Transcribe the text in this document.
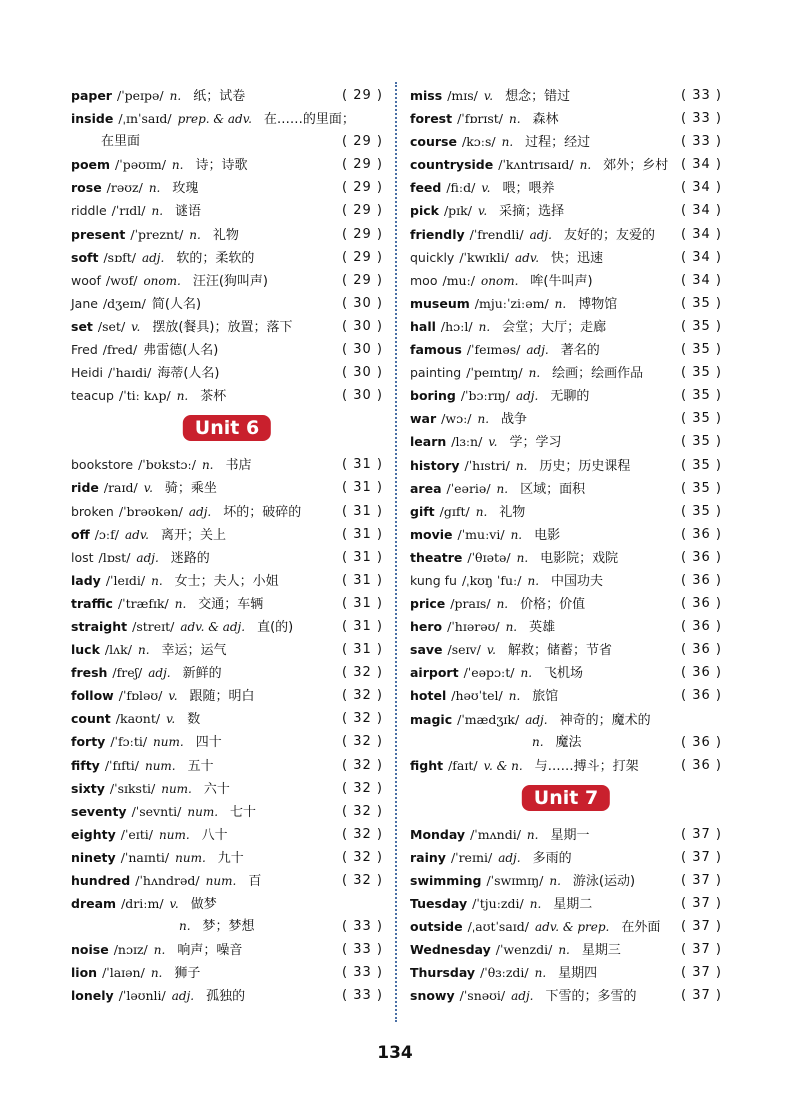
paper /ˈpeɪpə/ n. 纸；试卷	( 29 )
inside /ˌɪnˈsaɪd/ prep. & adv. 在……的里面；
在里面	( 29 )
poem /ˈpəʊɪm/ n. 诗；诗歌	( 29 )
rose /rəʊz/ n. 玫瑰	( 29 )
riddle /ˈrɪdl/ n. 谜语	( 29 )
present /ˈpreznt/ n. 礼物	( 29 )
soft /sɒft/ adj. 软的；柔软的	( 29 )
woof /wʊf/ onom. 汪汪(狗叫声)	( 29 )
Jane /dʒeɪn/ 简(人名)	( 30 )
set /set/ v. 摆放(餐具)；放置；落下	( 30 )
Fred /fred/ 弗雷德(人名)	( 30 )
Heidi /ˈhaɪdi/ 海蒂(人名)	( 30 )
teacup /ˈtiː kʌp/ n. 茶杯	( 30 )
Unit 6
bookstore /ˈbʊkstɔː/ n. 书店	( 31 )
ride /raɪd/ v. 骑；乘坐	( 31 )
broken /ˈbrəʊkən/ adj. 坏的；破碎的	( 31 )
off /ɔːf/ adv. 离开；关上	( 31 )
lost /lɒst/ adj. 迷路的	( 31 )
lady /ˈleɪdi/ n. 女士；夫人；小姐	( 31 )
traffic /ˈtræfɪk/ n. 交通；车辆	( 31 )
straight /streɪt/ adv. & adj. 直(的)	( 31 )
luck /lʌk/ n. 幸运；运气	( 31 )
fresh /freʃ/ adj. 新鲜的	( 32 )
follow /ˈfɒləʊ/ v. 跟随；明白	( 32 )
count /kaʊnt/ v. 数	( 32 )
forty /ˈfɔːti/ num. 四十	( 32 )
fifty /ˈfɪfti/ num. 五十	( 32 )
sixty /ˈsɪksti/ num. 六十	( 32 )
seventy /ˈsevnti/ num. 七十	( 32 )
eighty /ˈeɪti/ num. 八十	( 32 )
ninety /ˈnaɪnti/ num. 九十	( 32 )
hundred /ˈhʌndrəd/ num. 百	( 32 )
dream /driːm/ v. 做梦
n. 梦；梦想	( 33 )
noise /nɔɪz/ n. 响声；噪音	( 33 )
lion /ˈlaɪən/ n. 狮子	( 33 )
lonely /ˈləʊnli/ adj. 孤独的	( 33 )
miss /mɪs/ v. 想念；错过	( 33 )
forest /ˈfɒrɪst/ n. 森林	( 33 )
course /kɔːs/ n. 过程；经过	( 33 )
countryside /ˈkʌntrɪsaɪd/ n. 郊外；乡村 ( 34 )
feed /fiːd/ v. 喂；喂养	( 34 )
pick /pɪk/ v. 采摘；选择	( 34 )
friendly /ˈfrendli/ adj. 友好的；友爱的 ( 34 )
quickly /ˈkwɪkli/ adv. 快；迅速	( 34 )
moo /muː/ onom. 哞(牛叫声)	( 34 )
museum /mjuːˈziːəm/ n. 博物馆	( 35 )
hall /hɔːl/ n. 会堂；大厅；走廊	( 35 )
famous /ˈfeɪməs/ adj. 著名的	( 35 )
painting /ˈpeɪntɪŋ/ n. 绘画；绘画作品	( 35 )
boring /ˈbɔːrɪŋ/ adj. 无聊的	( 35 )
war /wɔː/ n. 战争	( 35 )
learn /lɜːn/ v. 学；学习	( 35 )
history /ˈhɪstri/ n. 历史；历史课程	( 35 )
area /ˈeəriə/ n. 区域；面积	( 35 )
gift /gɪft/ n. 礼物	( 35 )
movie /ˈmuːvi/ n. 电影	( 36 )
theatre /ˈθɪətə/ n. 电影院；戏院	( 36 )
kung fu /ˌkʊŋ ˈfuː/ n. 中国功夫	( 36 )
price /praɪs/ n. 价格；价值	( 36 )
hero /ˈhɪərəʊ/ n. 英雄	( 36 )
save /seɪv/ v. 解救；储蓄；节省	( 36 )
airport /ˈeəpɔːt/ n. 飞机场	( 36 )
hotel /həʊˈtel/ n. 旅馆	( 36 )
magic /ˈmædʒɪk/ adj. 神奇的；魔术的
n. 魔法	( 36 )
fight /faɪt/ v. & n. 与……搏斗；打架	( 36 )
Unit 7
Monday /ˈmʌndi/ n. 星期一	( 37 )
rainy /ˈreɪni/ adj. 多雨的	( 37 )
swimming /ˈswɪmɪŋ/ n. 游泳(运动)	( 37 )
Tuesday /ˈtjuːzdi/ n. 星期二	( 37 )
outside /ˌaʊtˈsaɪd/ adv. & prep. 在外面 ( 37 )
Wednesday /ˈwenzdi/ n. 星期三	( 37 )
Thursday /ˈθɜːzdi/ n. 星期四	( 37 )
snowy /ˈsnəʊi/ adj. 下雪的；多雪的	( 37 )
134
